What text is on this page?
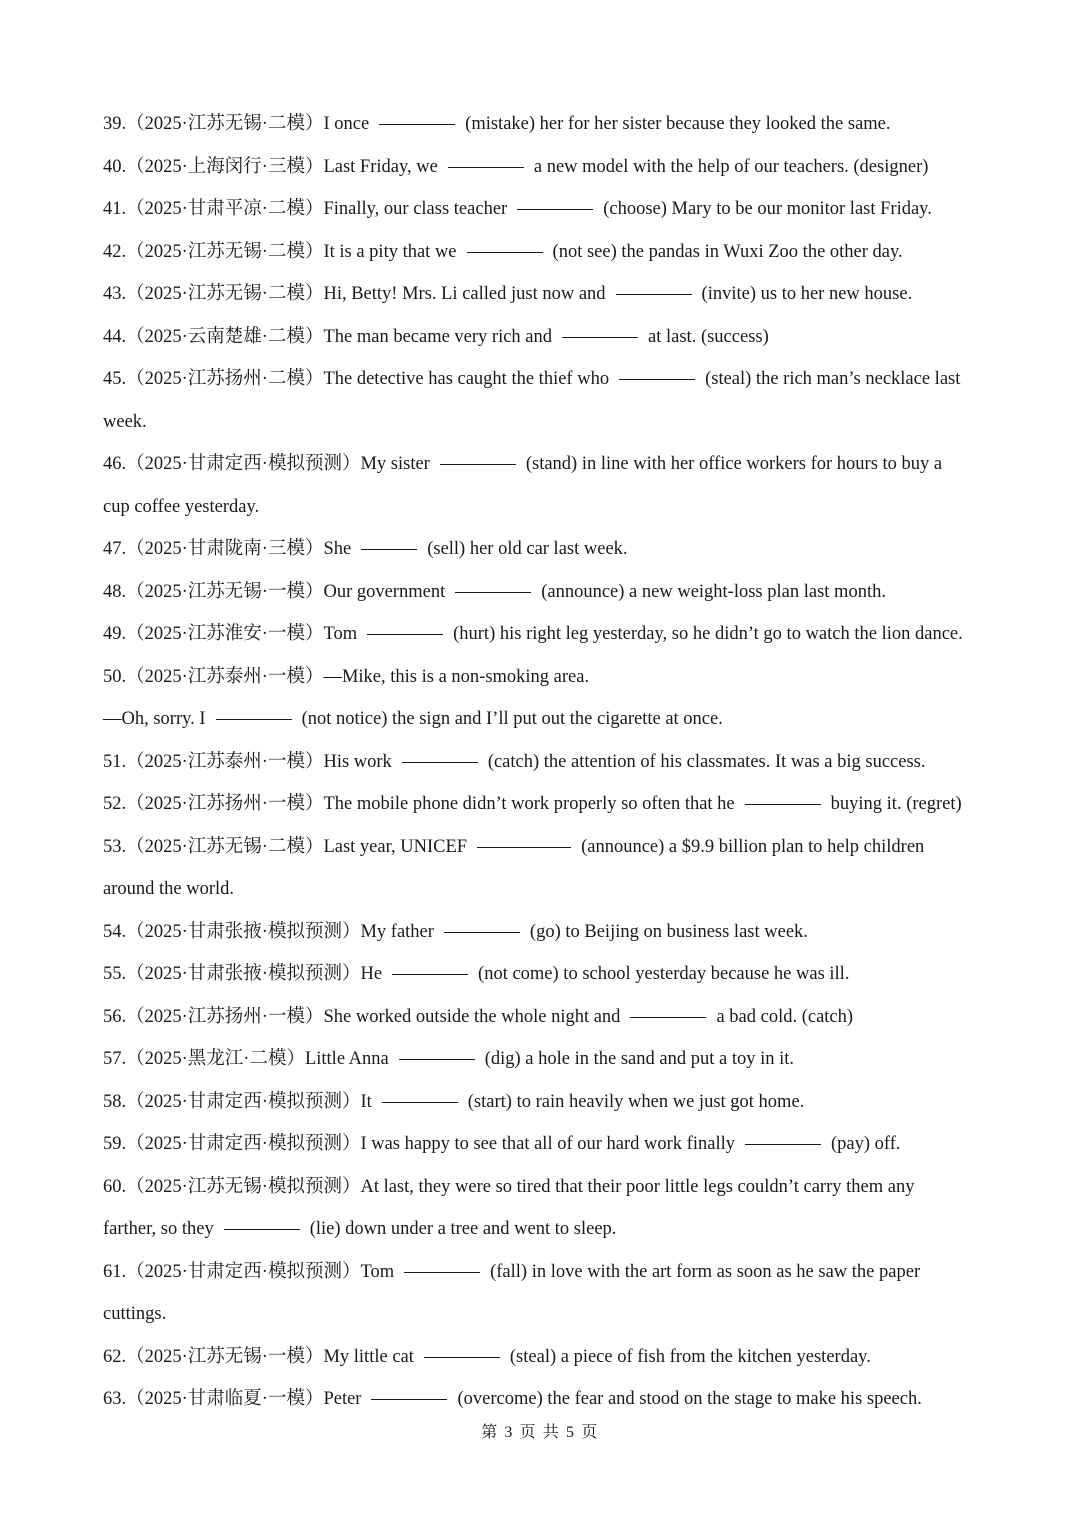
39.（2025·江苏无锡·二模）I once	(mistake) her for her sister because they looked the same.
40.（2025·上海闵行·三模）Last Friday, we	a new model with the help of our teachers. (designer)
41.（2025·甘肃平凉·二模）Finally, our class teacher	(choose) Mary to be our monitor last Friday.
42.（2025·江苏无锡·二模）It is a pity that we	(not see) the pandas in Wuxi Zoo the other day.
43.（2025·江苏无锡·二模）Hi, Betty! Mrs. Li called just now and	(invite) us to her new house.
44.（2025·云南楚雄·二模）The man became very rich and	at last. (success)
45.（2025·江苏扬州·二模）The detective has caught the thief who	(steal) the rich man’s necklace last
week.
46.（2025·甘肃定西·模拟预测）My sister	(stand) in line with her office workers for hours to buy a
cup coffee yesterday.
47.（2025·甘肃陇南·三模）She	(sell) her old car last week.
48.（2025·江苏无锡·一模）Our government	(announce) a new weight-loss plan last month.
49.（2025·江苏淮安·一模）Tom	(hurt) his right leg yesterday, so he didn’t go to watch the lion dance.
50.（2025·江苏泰州·一模）—Mike, this is a non-smoking area.
—Oh, sorry. I	(not notice) the sign and I’ll put out the cigarette at once.
51.（2025·江苏泰州·一模）His work	(catch) the attention of his classmates. It was a big success.
52.（2025·江苏扬州·一模）The mobile phone didn’t work properly so often that he	buying it. (regret)
53.（2025·江苏无锡·二模）Last year, UNICEF	(announce) a $9.9 billion plan to help children
around the world.
54.（2025·甘肃张掖·模拟预测）My father	(go) to Beijing on business last week.
55.（2025·甘肃张掖·模拟预测）He	(not come) to school yesterday because he was ill.
56.（2025·江苏扬州·一模）She worked outside the whole night and	a bad cold. (catch)
57.（2025·黑龙江·二模）Little Anna	(dig) a hole in the sand and put a toy in it.
58.（2025·甘肃定西·模拟预测）It	(start) to rain heavily when we just got home.
59.（2025·甘肃定西·模拟预测）I was happy to see that all of our hard work finally	(pay) off.
60.（2025·江苏无锡·模拟预测）At last, they were so tired that their poor little legs couldn’t carry them any
farther, so they	(lie) down under a tree and went to sleep.
61.（2025·甘肃定西·模拟预测）Tom	(fall) in love with the art form as soon as he saw the paper
cuttings.
62.（2025·江苏无锡·一模）My little cat	(steal) a piece of fish from the kitchen yesterday.
63.（2025·甘肃临夏·一模）Peter	(overcome) the fear and stood on the stage to make his speech.
第 3 页 共 5 页
